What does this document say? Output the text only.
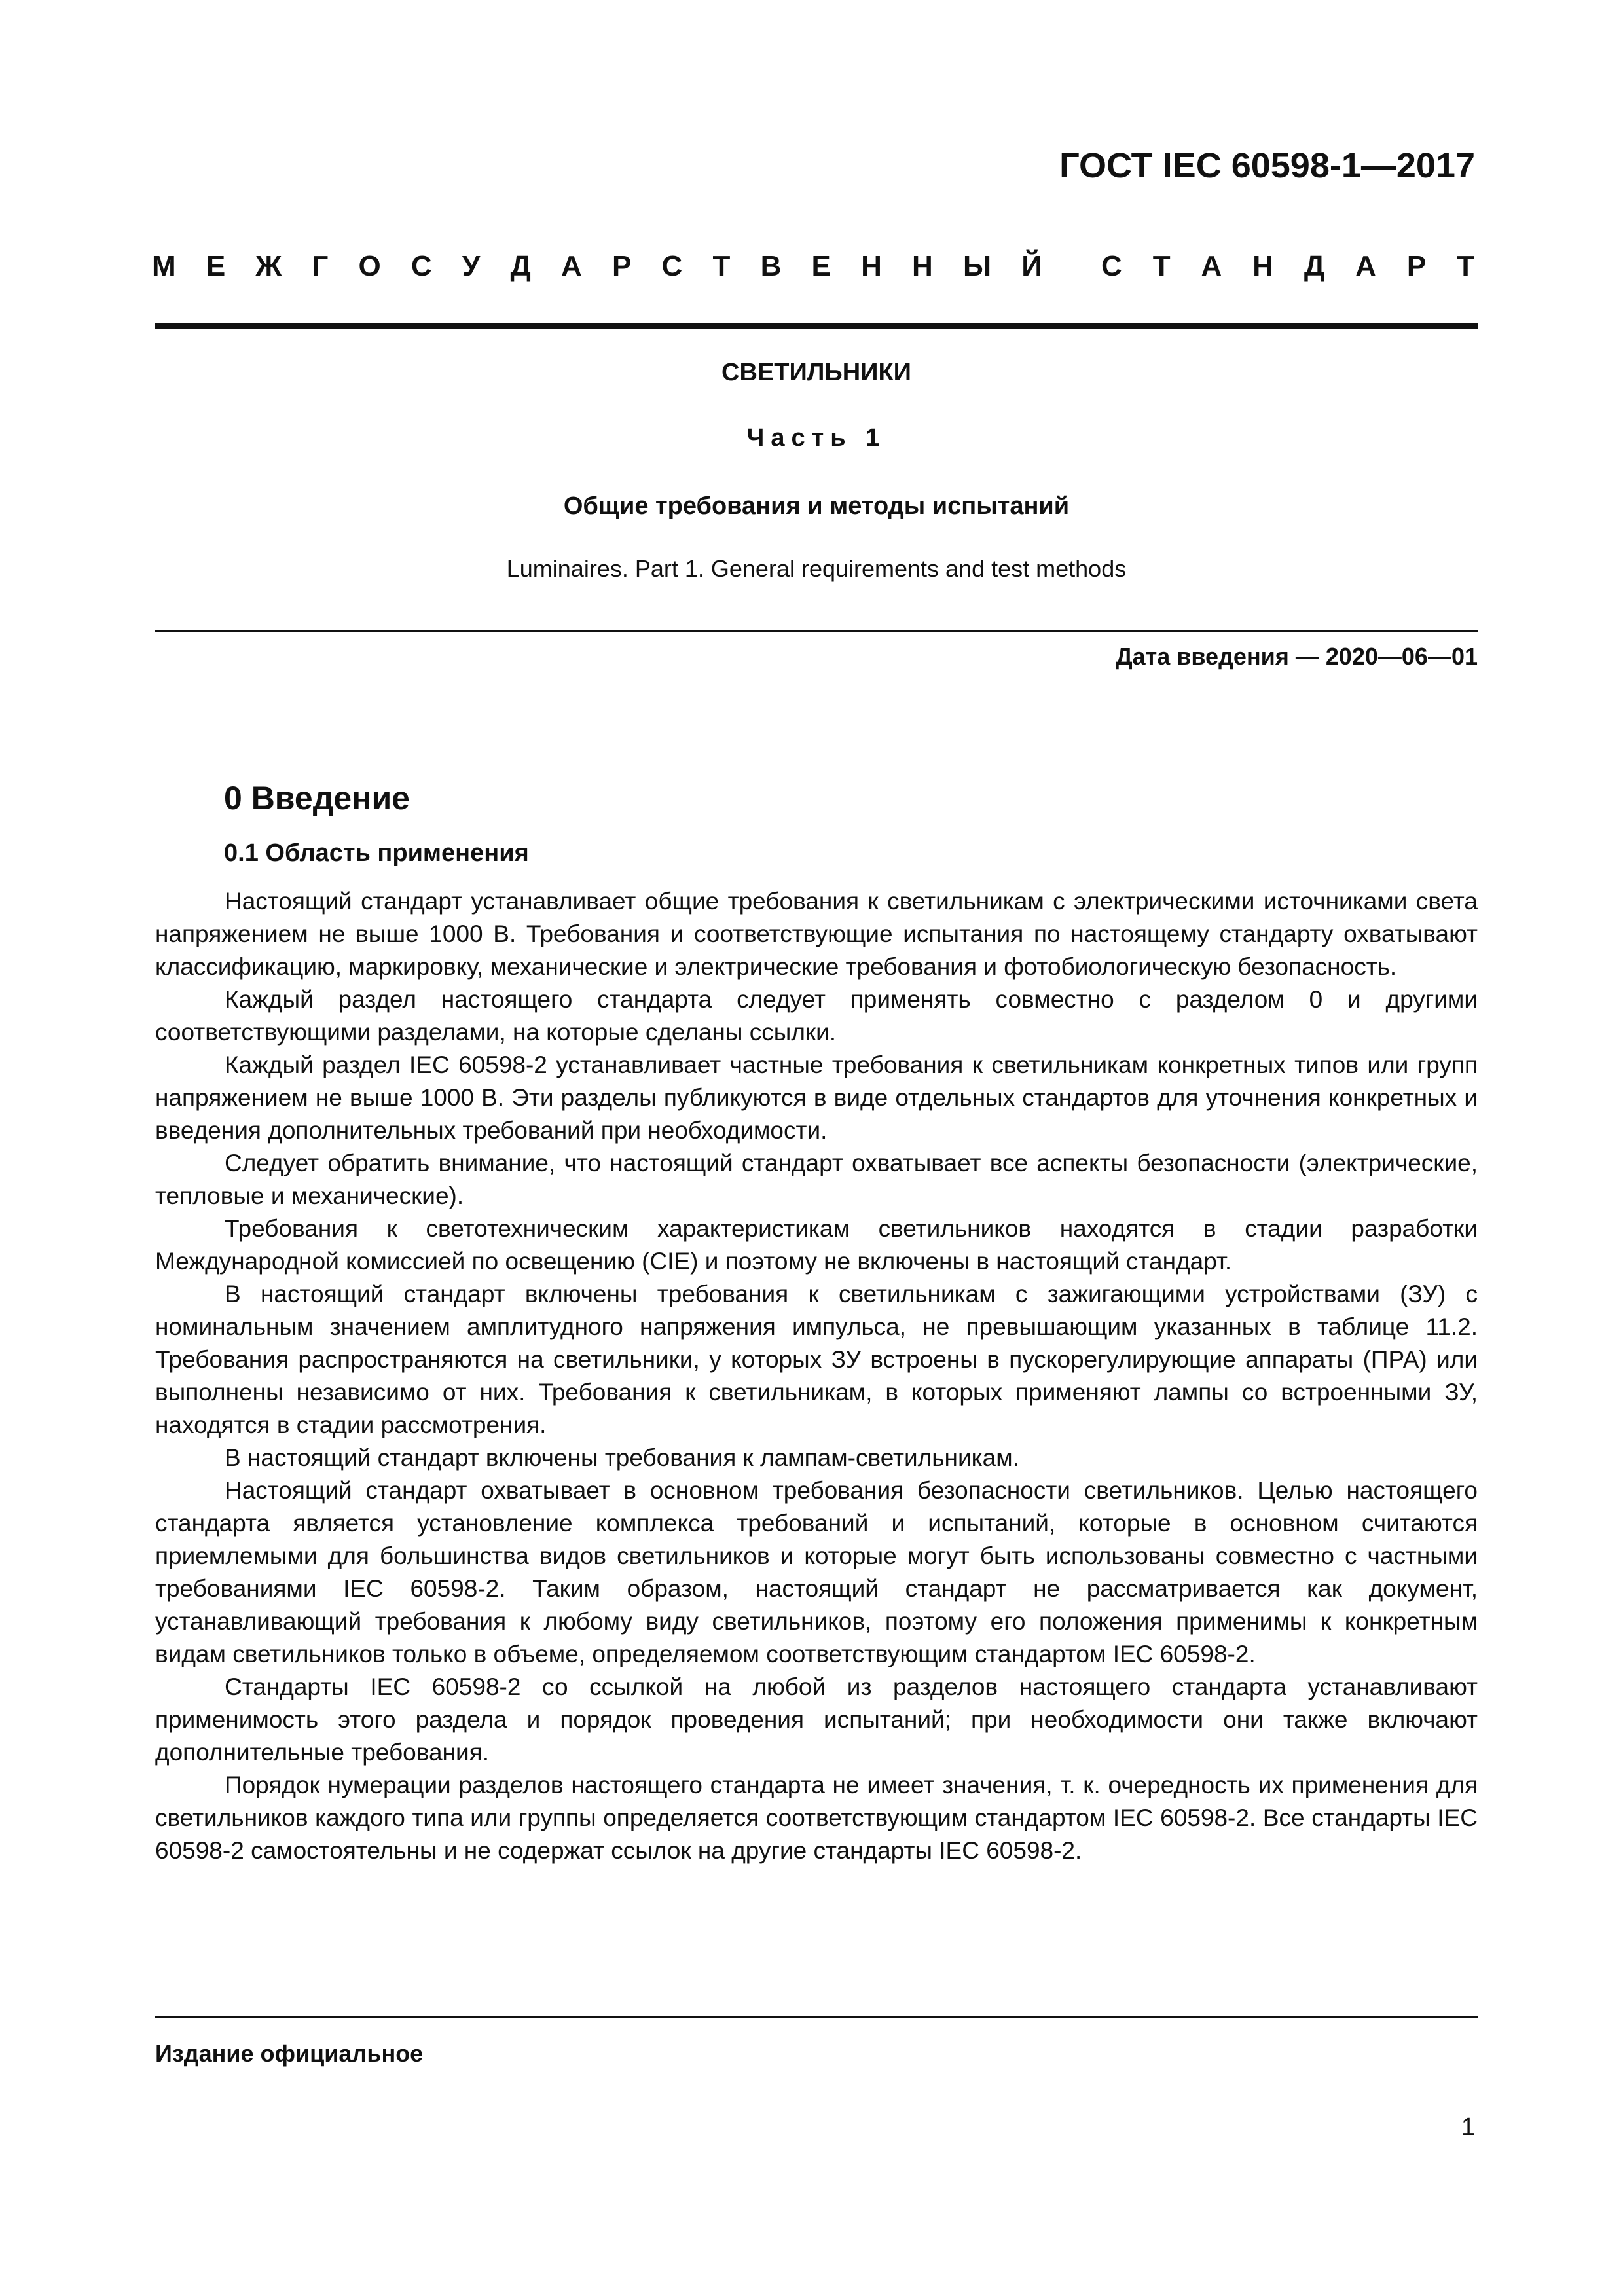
ГОСТ IEC 60598-1—2017
М Е Ж Г О С У Д А Р С Т В Е Н Н Ы Й С Т А Н Д А Р Т
СВЕТИЛЬНИКИ
Часть 1
Общие требования и методы испытаний
Luminaires. Part 1. General requirements and test methods
Дата введения — 2020—06—01
0 Введение
0.1 Область применения

Настоящий стандарт устанавливает общие требования к светильникам с электрическими источниками света напряжением не выше 1000 В. Требования и соответствующие испытания по настоящему стандарту охватывают классификацию, маркировку, механические и электрические требования и фотобиологическую безопасность.

Каждый раздел настоящего стандарта следует применять совместно с разделом 0 и другими соответствующими разделами, на которые сделаны ссылки.

Каждый раздел IEC 60598-2 устанавливает частные требования к светильникам конкретных типов или групп напряжением не выше 1000 В. Эти разделы публикуются в виде отдельных стандартов для уточнения конкретных и введения дополнительных требований при необходимости.

Следует обратить внимание, что настоящий стандарт охватывает все аспекты безопасности (электрические, тепловые и механические).

Требования к светотехническим характеристикам светильников находятся в стадии разработки Международной комиссией по освещению (CIE) и поэтому не включены в настоящий стандарт.

В настоящий стандарт включены требования к светильникам с зажигающими устройствами (ЗУ) с номинальным значением амплитудного напряжения импульса, не превышающим указанных в таблице 11.2. Требования распространяются на светильники, у которых ЗУ встроены в пускорегулирующие аппараты (ПРА) или выполнены независимо от них. Требования к светильникам, в которых применяют лампы со встроенными ЗУ, находятся в стадии рассмотрения.

В настоящий стандарт включены требования к лампам-светильникам.

Настоящий стандарт охватывает в основном требования безопасности светильников. Целью настоящего стандарта является установление комплекса требований и испытаний, которые в основном считаются приемлемыми для большинства видов светильников и которые могут быть использованы совместно с частными требованиями IEC 60598-2. Таким образом, настоящий стандарт не рассматривается как документ, устанавливающий требования к любому виду светильников, поэтому его положения применимы к конкретным видам светильников только в объеме, определяемом соответствующим стандартом IEC 60598-2.

Стандарты IEC 60598-2 со ссылкой на любой из разделов настоящего стандарта устанавливают применимость этого раздела и порядок проведения испытаний; при необходимости они также включают дополнительные требования.

Порядок нумерации разделов настоящего стандарта не имеет значения, т. к. очередность их применения для светильников каждого типа или группы определяется соответствующим стандартом IEC 60598-2. Все стандарты IEC 60598-2 самостоятельны и не содержат ссылок на другие стандарты IEC 60598-2.

Издание официальное
1
